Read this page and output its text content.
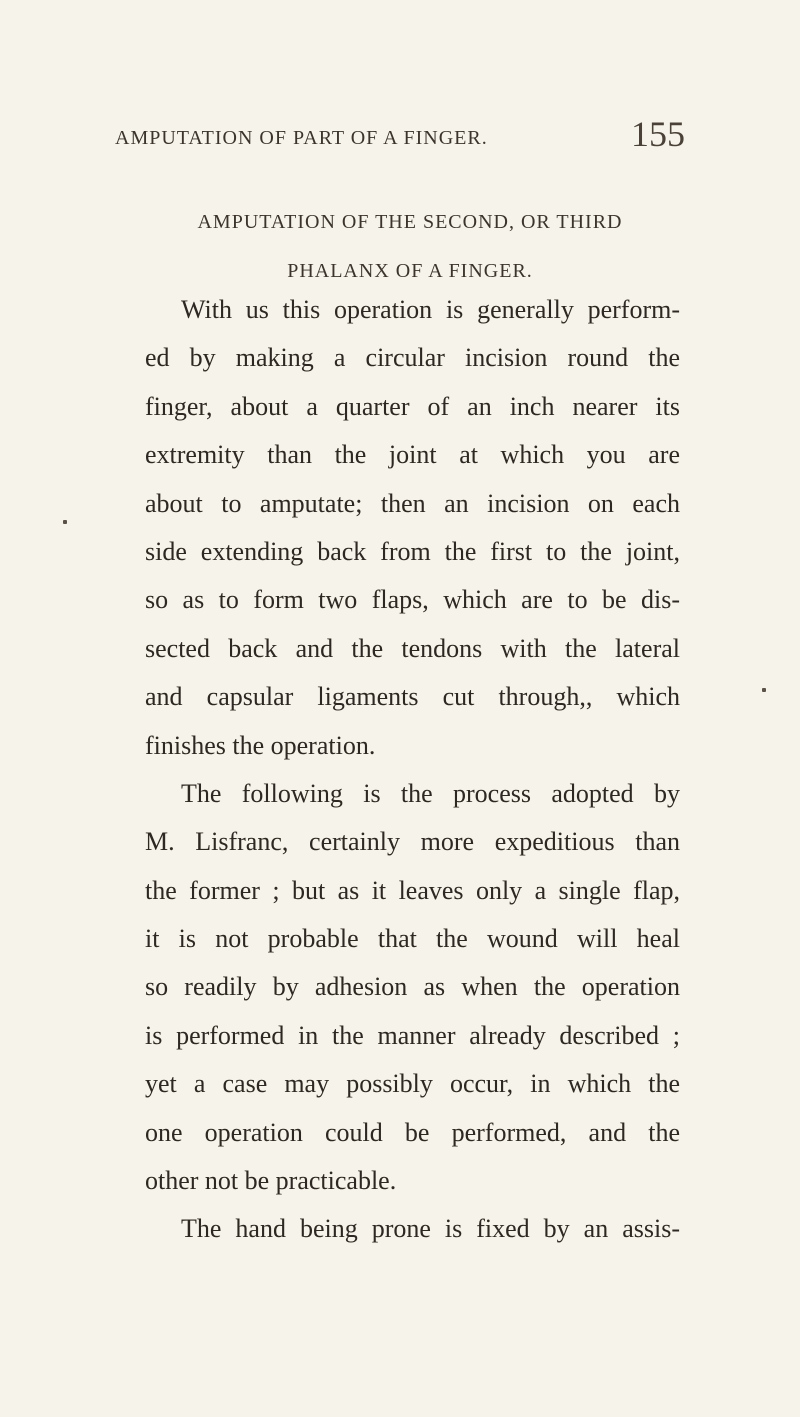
AMPUTATION OF PART OF A FINGER.	155
AMPUTATION OF THE SECOND, OR THIRD
PHALANX OF A FINGER.
With us this operation is generally perform-
ed by making a circular incision round the
finger, about a quarter of an inch nearer its
extremity than the joint at which you are
about to amputate; then an incision on each
side extending back from the first to the joint,
so as to form two flaps, which are to be dis-
sected back and the tendons with the lateral
and capsular ligaments cut through,, which
finishes the operation.
The following is the process adopted by
M. Lisfranc, certainly more expeditious than
the former ; but as it leaves only a single flap,
it is not probable that the wound will heal
so readily by adhesion as when the operation
is performed in the manner already described ;
yet a case may possibly occur, in which the
one operation could be performed, and the
other not be practicable.
The hand being prone is fixed by an assis-
